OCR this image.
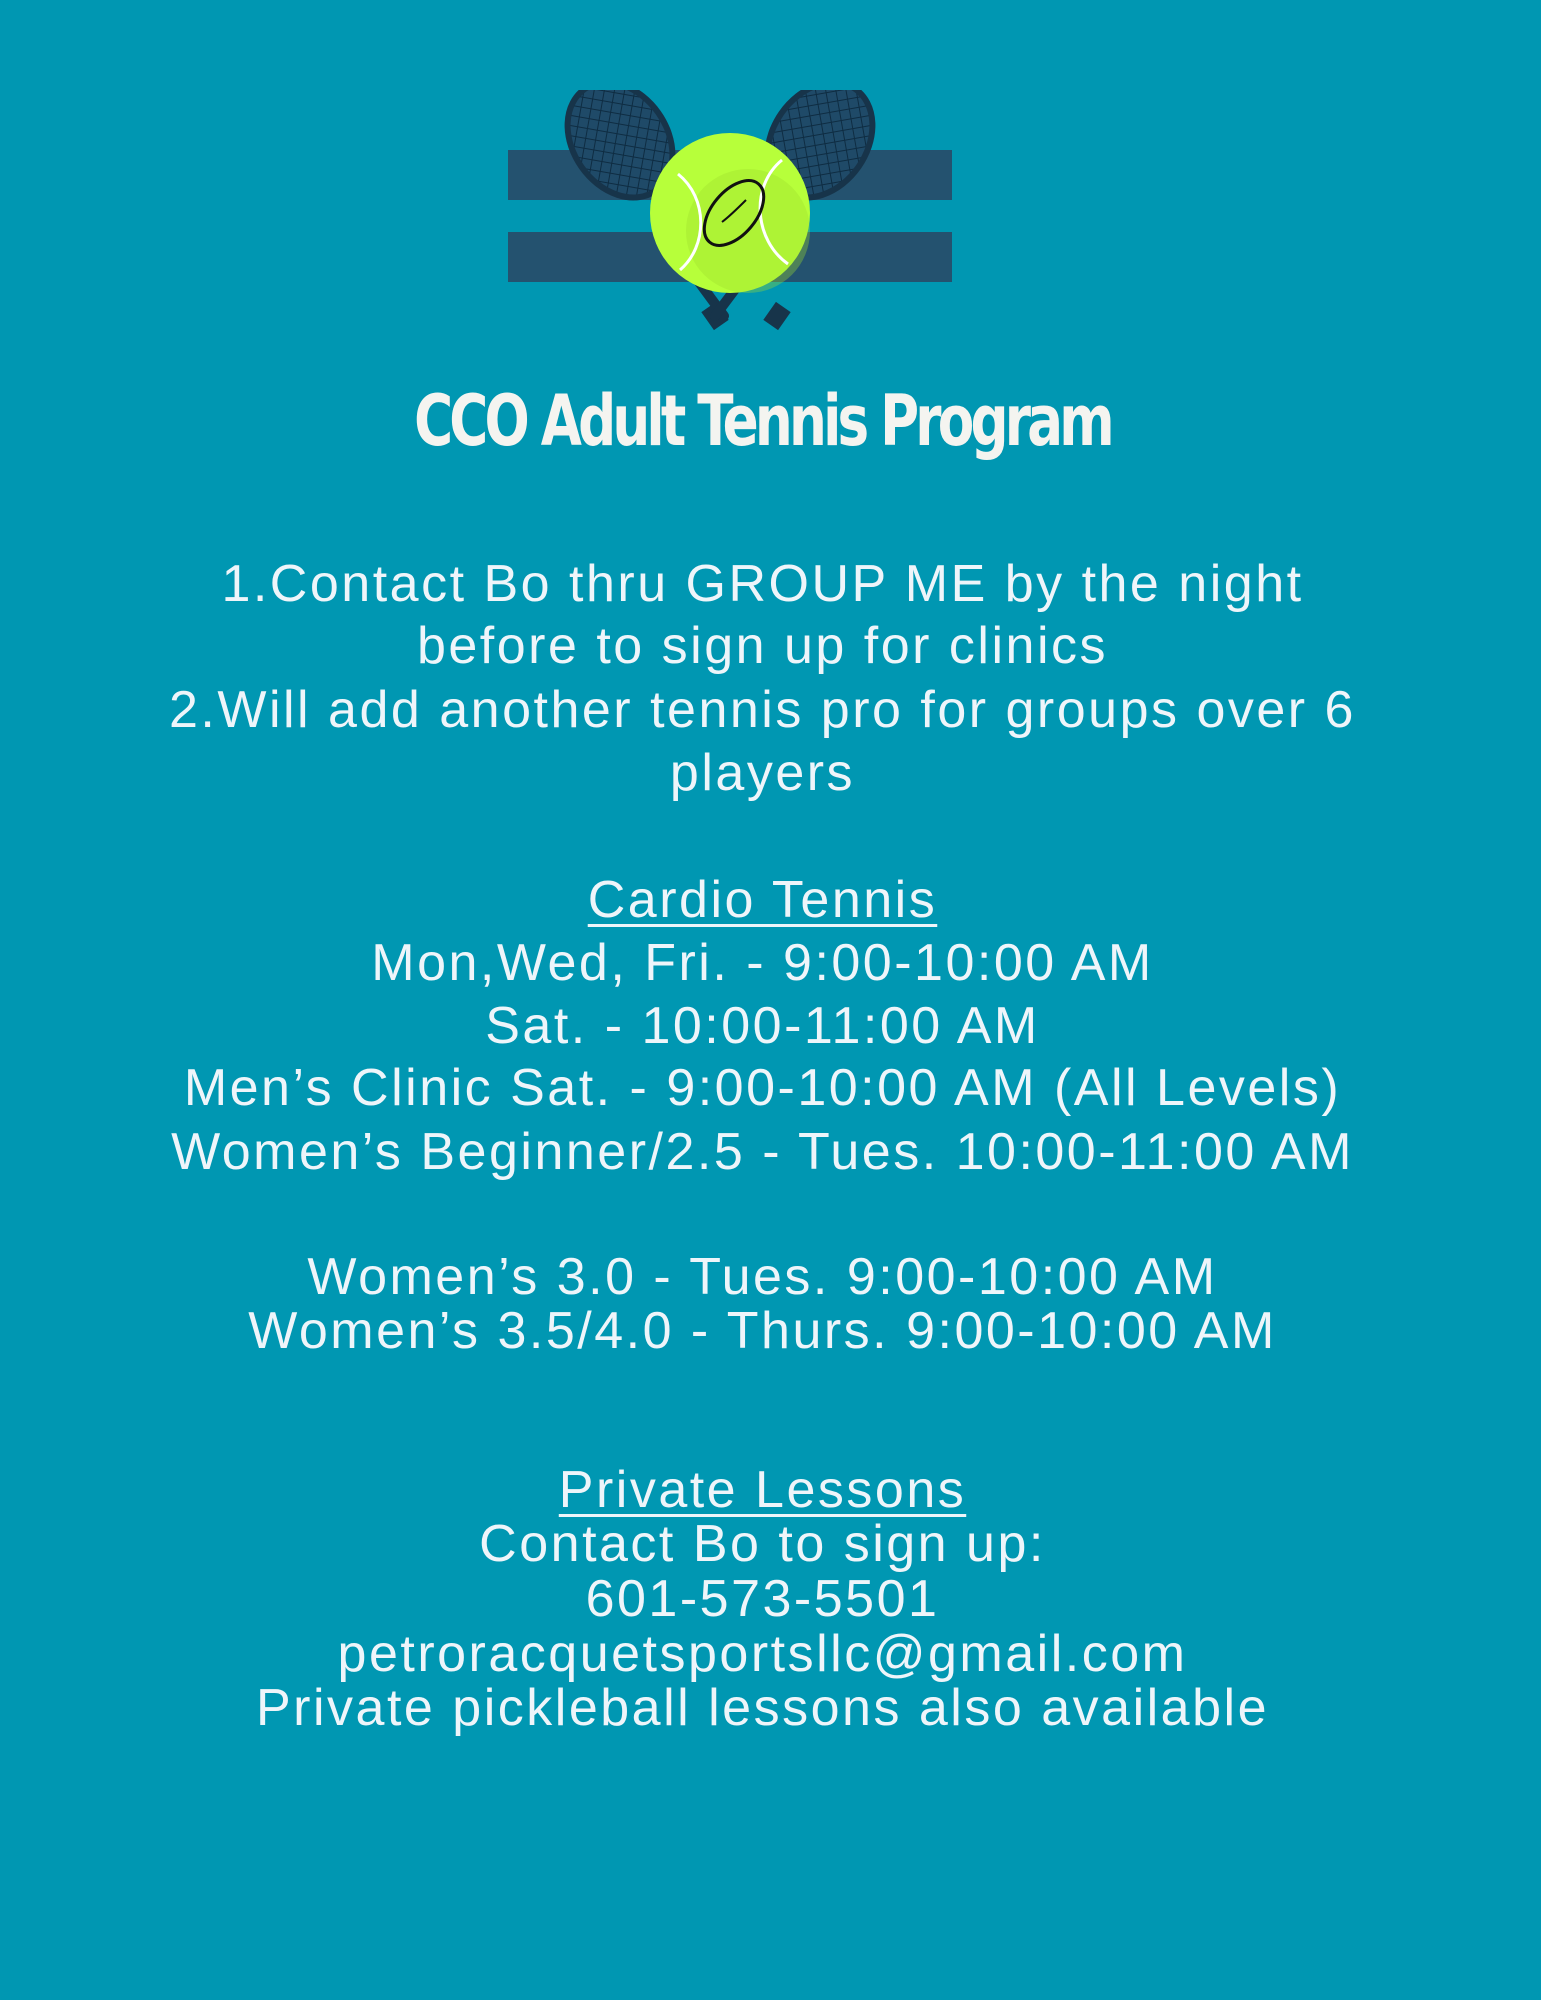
CCO Adult Tennis Program
1.Contact Bo thru GROUP ME by the night
before to sign up for clinics
2.Will add another tennis pro for groups over 6
players
Cardio Tennis
Mon,Wed, Fri. - 9:00-10:00 AM
Sat. - 10:00-11:00 AM
Men’s Clinic Sat. - 9:00-10:00 AM (All Levels)
Women’s Beginner/2.5 - Tues. 10:00-11:00 AM
Women’s 3.0 - Tues. 9:00-10:00 AM
Women’s 3.5/4.0 - Thurs. 9:00-10:00 AM
Private Lessons
Contact Bo to sign up:
601-573-5501
petroracquetsportsllc@gmail.com
Private pickleball lessons also available
